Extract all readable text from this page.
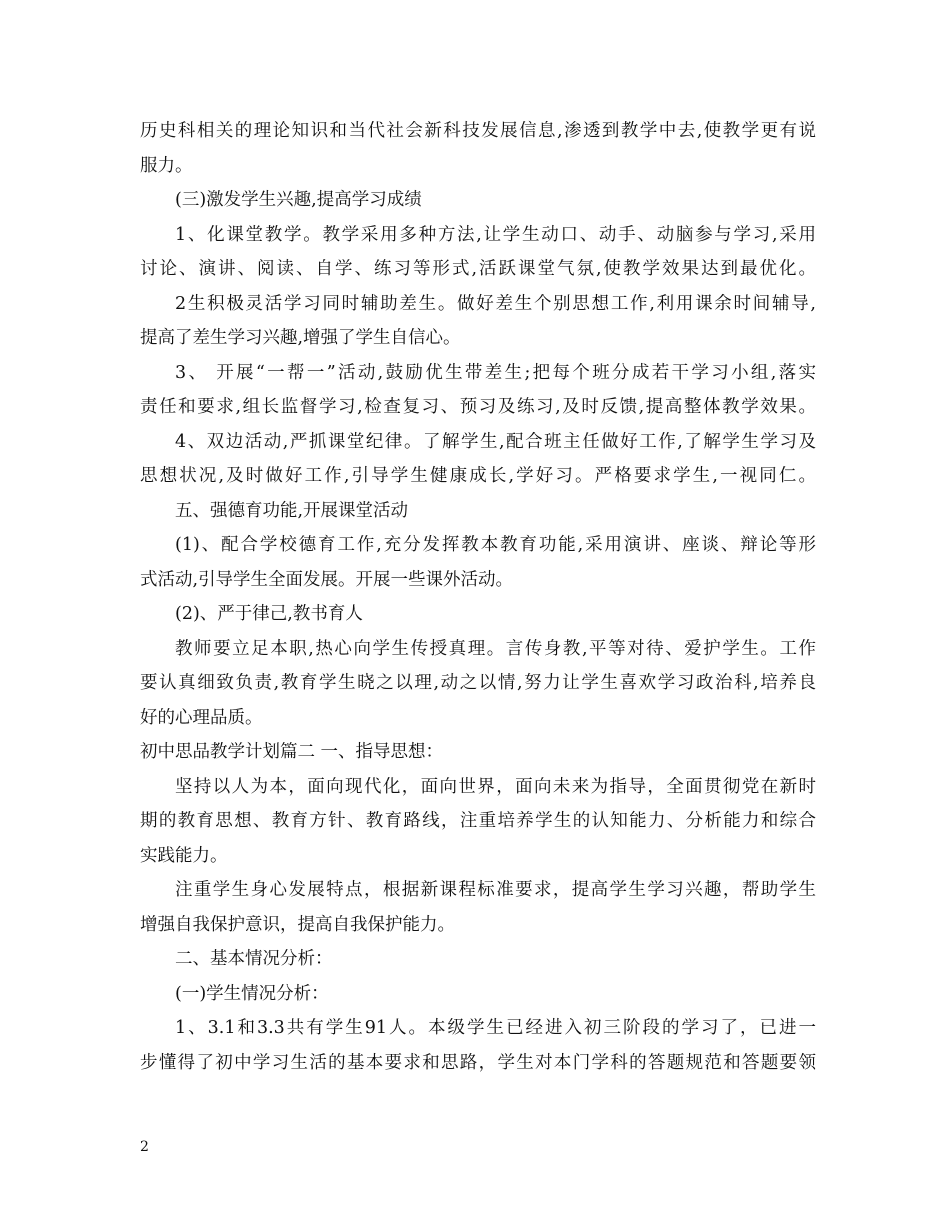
历史科相关的理论知识和当代社会新科技发展信息,渗透到教学中去,使教学更有说
服力。
(三)激发学生兴趣,提高学习成绩
1、化课堂教学。教学采用多种方法,让学生动口、动手、动脑参与学习,采用
讨论、演讲、阅读、自学、练习等形式,活跃课堂气氛,使教学效果达到最优化。
2生积极灵活学习同时辅助差生。做好差生个别思想工作,利用课余时间辅导,
提高了差生学习兴趣,增强了学生自信心。
3、 开展“一帮一”活动,鼓励优生带差生;把每个班分成若干学习小组,落实
责任和要求,组长监督学习,检查复习、预习及练习,及时反馈,提高整体教学效果。
4、双边活动,严抓课堂纪律。了解学生,配合班主任做好工作,了解学生学习及
思想状况,及时做好工作,引导学生健康成长,学好习。严格要求学生,一视同仁。
五、强德育功能,开展课堂活动
(1)、配合学校德育工作,充分发挥教本教育功能,采用演讲、座谈、辩论等形
式活动,引导学生全面发展。开展一些课外活动。
(2)、严于律己,教书育人
教师要立足本职,热心向学生传授真理。言传身教,平等对待、爱护学生。工作
要认真细致负责,教育学生晓之以理,动之以情,努力让学生喜欢学习政治科,培养良
好的心理品质。
初中思品教学计划篇二 一、指导思想：
坚持以人为本，面向现代化，面向世界，面向未来为指导，全面贯彻党在新时
期的教育思想、教育方针、教育路线，注重培养学生的认知能力、分析能力和综合
实践能力。
注重学生身心发展特点，根据新课程标准要求，提高学生学习兴趣，帮助学生
增强自我保护意识，提高自我保护能力。
二、基本情况分析：
(一)学生情况分析：
1、3.1和3.3共有学生91人。本级学生已经进入初三阶段的学习了，已进一
步懂得了初中学习生活的基本要求和思路，学生对本门学科的答题规范和答题要领
2
